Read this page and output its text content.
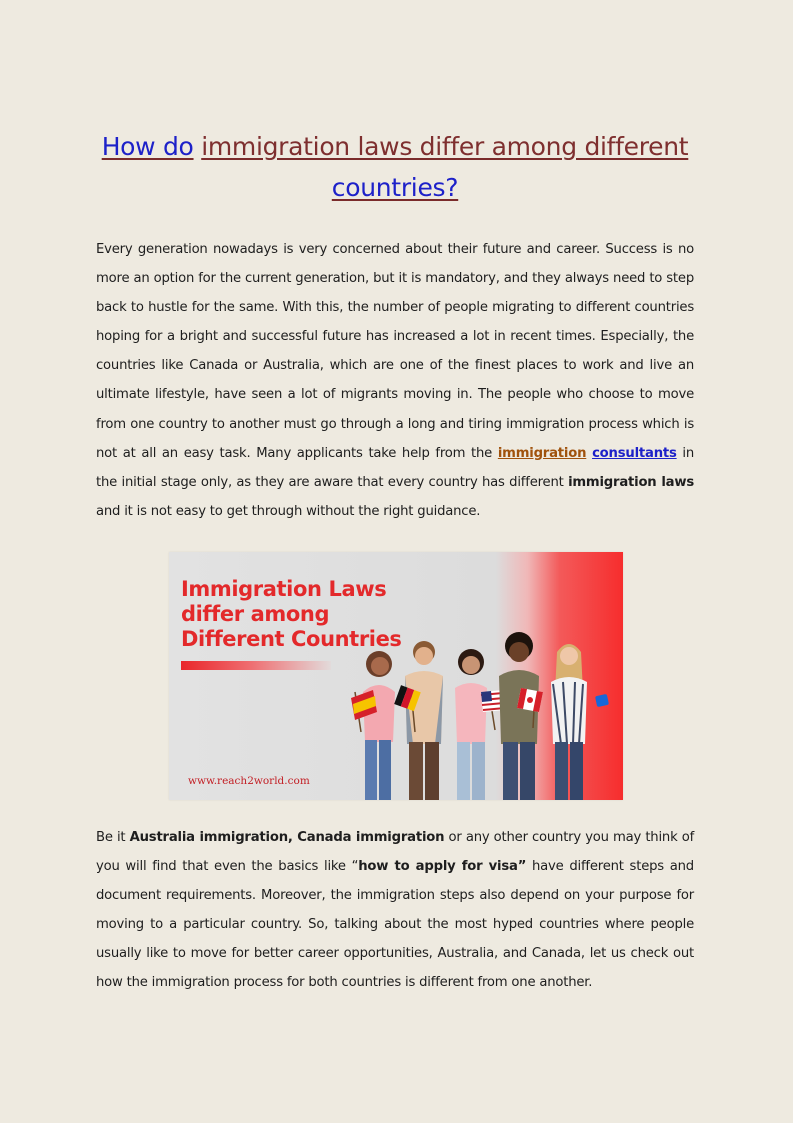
How do immigration laws differ among different
countries?

Every generation nowadays is very concerned about their future and career. Success is no more an option for the current generation, but it is mandatory, and they always need to step back to hustle for the same. With this, the number of people migrating to different countries hoping for a bright and successful future has increased a lot in recent times. Especially, the countries like Canada or Australia, which are one of the finest places to work and live an ultimate lifestyle, have seen a lot of migrants moving in. The people who choose to move from one country to another must go through a long and tiring immigration process which is not at all an easy task. Many applicants take help from the immigration consultants in the initial stage only, as they are aware that every country has different immigration laws and it is not easy to get through without the right guidance.

Be it Australia immigration, Canada immigration or any other country you may think of you will find that even the basics like “how to apply for visa” have different steps and document requirements. Moreover, the immigration steps also depend on your purpose for moving to a particular country. So, talking about the most hyped countries where people usually like to move for better career opportunities, Australia, and Canada, let us check out how the immigration process for both countries is different from one another.

Immigration Laws
differ among
Different Countries
www.reach2world.com
